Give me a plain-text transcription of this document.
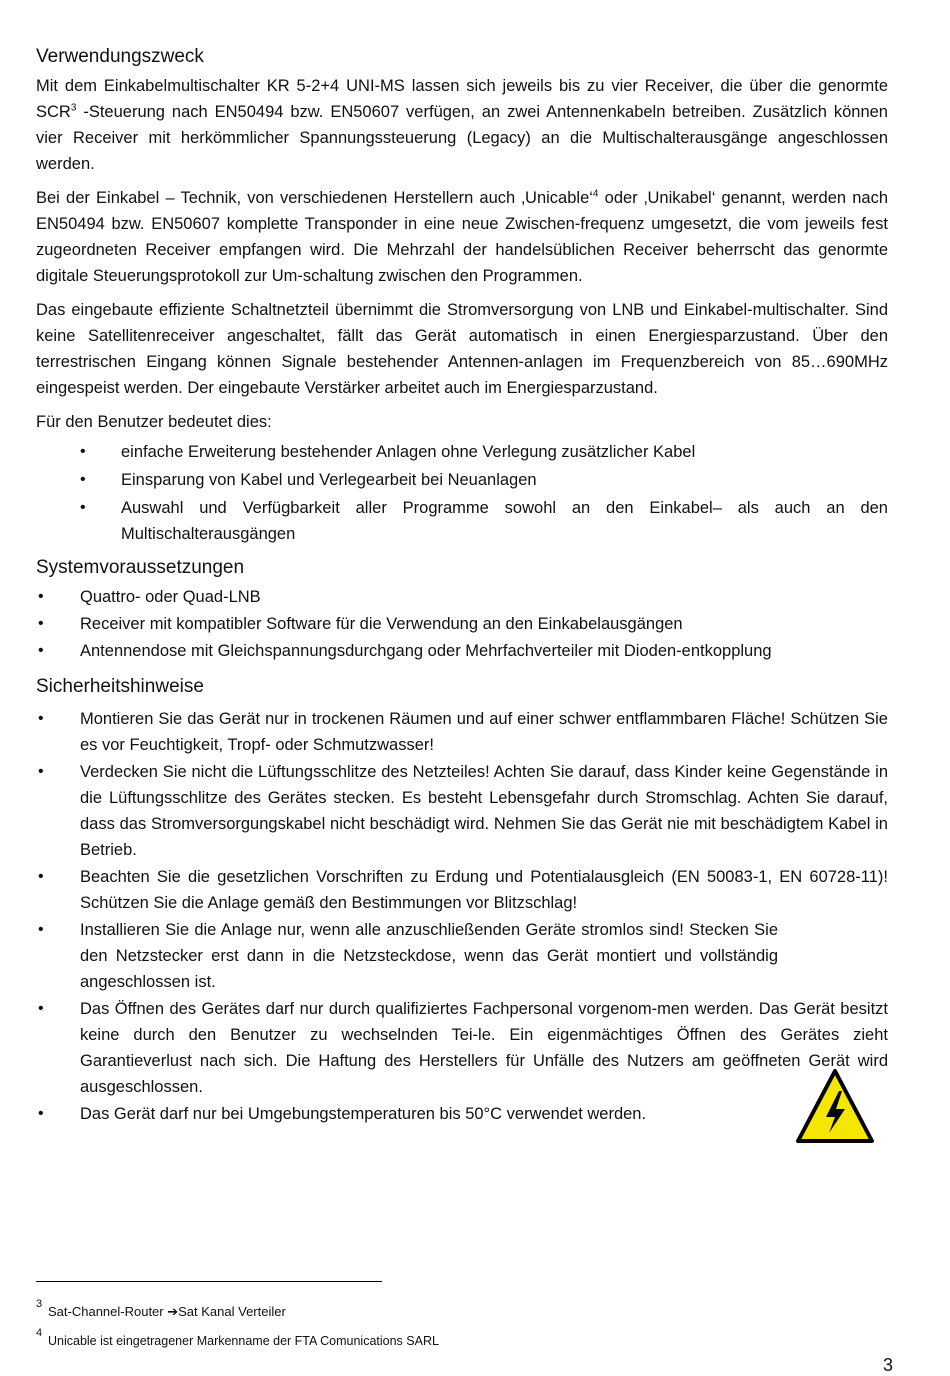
Verwendungszweck

Mit dem Einkabelmultischalter KR 5-2+4 UNI-MS lassen sich jeweils bis zu vier Receiver, die über die genormte SCR$^3$ -Steuerung nach EN50494 bzw. EN50607 verfügen, an zwei Antennenkabeln betreiben. Zusätzlich können vier Receiver mit herkömmlicher Spannungssteuerung (Legacy) an die Multischalterausgänge angeschlossen werden.

Bei der Einkabel – Technik, von verschiedenen Herstellern auch ‚Unicable‘$^4$ oder ‚Unikabel‘ genannt, werden nach EN50494 bzw. EN50607 komplette Transponder in eine neue Zwischen-frequenz umgesetzt, die vom jeweils fest zugeordneten Receiver empfangen wird. Die Mehrzahl der handelsüblichen Receiver beherrscht das genormte digitale Steuerungsprotokoll zur Um-schaltung zwischen den Programmen.

Das eingebaute effiziente Schaltnetzteil übernimmt die Stromversorgung von LNB und Einkabel-multischalter. Sind keine Satellitenreceiver angeschaltet, fällt das Gerät automatisch in einen Energiesparzustand. Über den terrestrischen Eingang können Signale bestehender Antennen-anlagen im Frequenzbereich von 85…690MHz eingespeist werden. Der eingebaute Verstärker arbeitet auch im Energiesparzustand.

Für den Benutzer bedeutet dies:

• einfache Erweiterung bestehender Anlagen ohne Verlegung zusätzlicher Kabel
• Einsparung von Kabel und Verlegearbeit bei Neuanlagen
• Auswahl und Verfügbarkeit aller Programme sowohl an den Einkabel– als auch an den Multischalterausgängen
Systemvoraussetzungen
• Quattro- oder Quad-LNB
• Receiver mit kompatibler Software für die Verwendung an den Einkabelausgängen
• Antennendose mit Gleichspannungsdurchgang oder Mehrfachverteiler mit Dioden-entkopplung
Sicherheitshinweise
• Montieren Sie das Gerät nur in trockenen Räumen und auf einer schwer entflammbaren Fläche! Schützen Sie es vor Feuchtigkeit, Tropf- oder Schmutzwasser!
• Verdecken Sie nicht die Lüftungsschlitze des Netzteiles! Achten Sie darauf, dass Kinder keine Gegenstände in die Lüftungsschlitze des Gerätes stecken. Es besteht Lebensgefahr durch Stromschlag. Achten Sie darauf, dass das Stromversorgungskabel nicht beschädigt wird. Nehmen Sie das Gerät nie mit beschädigtem Kabel in Betrieb.
• Beachten Sie die gesetzlichen Vorschriften zu Erdung und Potentialausgleich (EN 50083-1, EN 60728-11)! Schützen Sie die Anlage gemäß den Bestimmungen vor Blitzschlag!
• Installieren Sie die Anlage nur, wenn alle anzuschließenden Geräte stromlos sind! Stecken Sie den Netzstecker erst dann in die Netzsteckdose, wenn das Gerät montiert und vollständig angeschlossen ist.
• Das Öffnen des Gerätes darf nur durch qualifiziertes Fachpersonal vorgenom-men werden. Das Gerät besitzt keine durch den Benutzer zu wechselnden Tei-le. Ein eigenmächtiges Öffnen des Gerätes zieht Garantieverlust nach sich. Die Haftung des Herstellers für Unfälle des Nutzers am geöffneten Gerät wird ausgeschlossen.
• Das Gerät darf nur bei Umgebungstemperaturen bis 50°C verwendet werden.
3 Sat-Channel-Router ➔Sat Kanal Verteiler
4
Unicable ist eingetragener Markenname der FTA Comunications SARL
3
